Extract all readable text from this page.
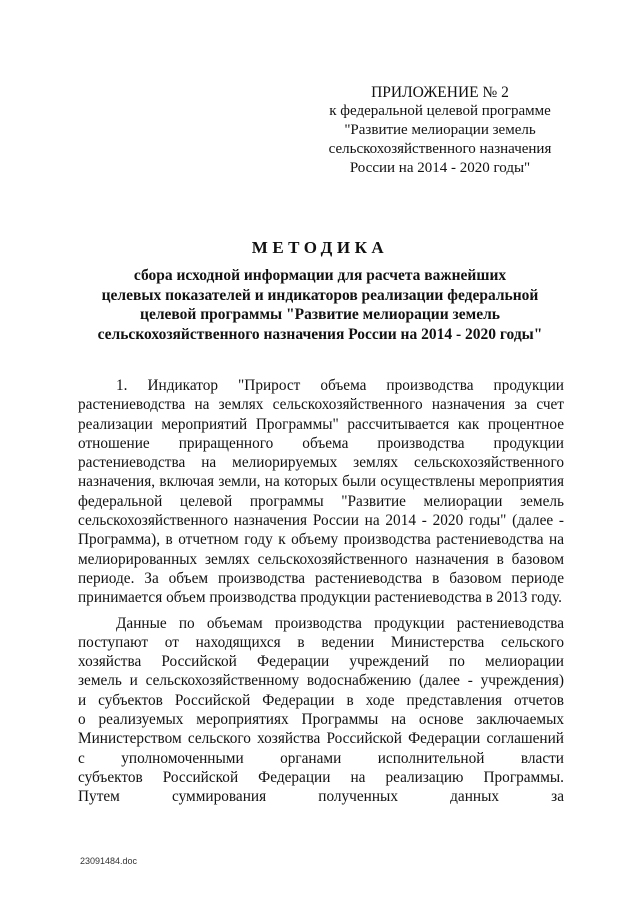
ПРИЛОЖЕНИЕ № 2
к федеральной целевой программе
"Развитие мелиорации земель
сельскохозяйственного назначения
России на 2014 - 2020 годы"
МЕТОДИКА
сбора исходной информации для расчета важнейших
целевых показателей и индикаторов реализации федеральной
целевой программы "Развитие мелиорации земель
сельскохозяйственного назначения России на 2014 - 2020 годы"
1. Индикатор "Прирост объема производства продукции
растениеводства на землях сельскохозяйственного назначения за счет
реализации мероприятий Программы" рассчитывается как процентное
отношение приращенного объема производства продукции
растениеводства на мелиорируемых землях сельскохозяйственного
назначения, включая земли, на которых были осуществлены мероприятия
федеральной целевой программы "Развитие мелиорации земель
сельскохозяйственного назначения России на 2014 - 2020 годы" (далее -
Программа), в отчетном году к объему производства растениеводства на
мелиорированных землях сельскохозяйственного назначения в базовом
периоде. За объем производства растениеводства в базовом периоде
принимается объем производства продукции растениеводства в 2013 году.
Данные по объемам производства продукции растениеводства
поступают от находящихся в ведении Министерства сельского
хозяйства Российской Федерации учреждений по мелиорации
земель и сельскохозяйственному водоснабжению (далее - учреждения)
и субъектов Российской Федерации в ходе представления отчетов
о реализуемых мероприятиях Программы на основе заключаемых
Министерством сельского хозяйства Российской Федерации соглашений
с уполномоченными органами исполнительной власти
субъектов Российской Федерации на реализацию Программы.
Путем суммирования полученных данных за
23091484.doc
